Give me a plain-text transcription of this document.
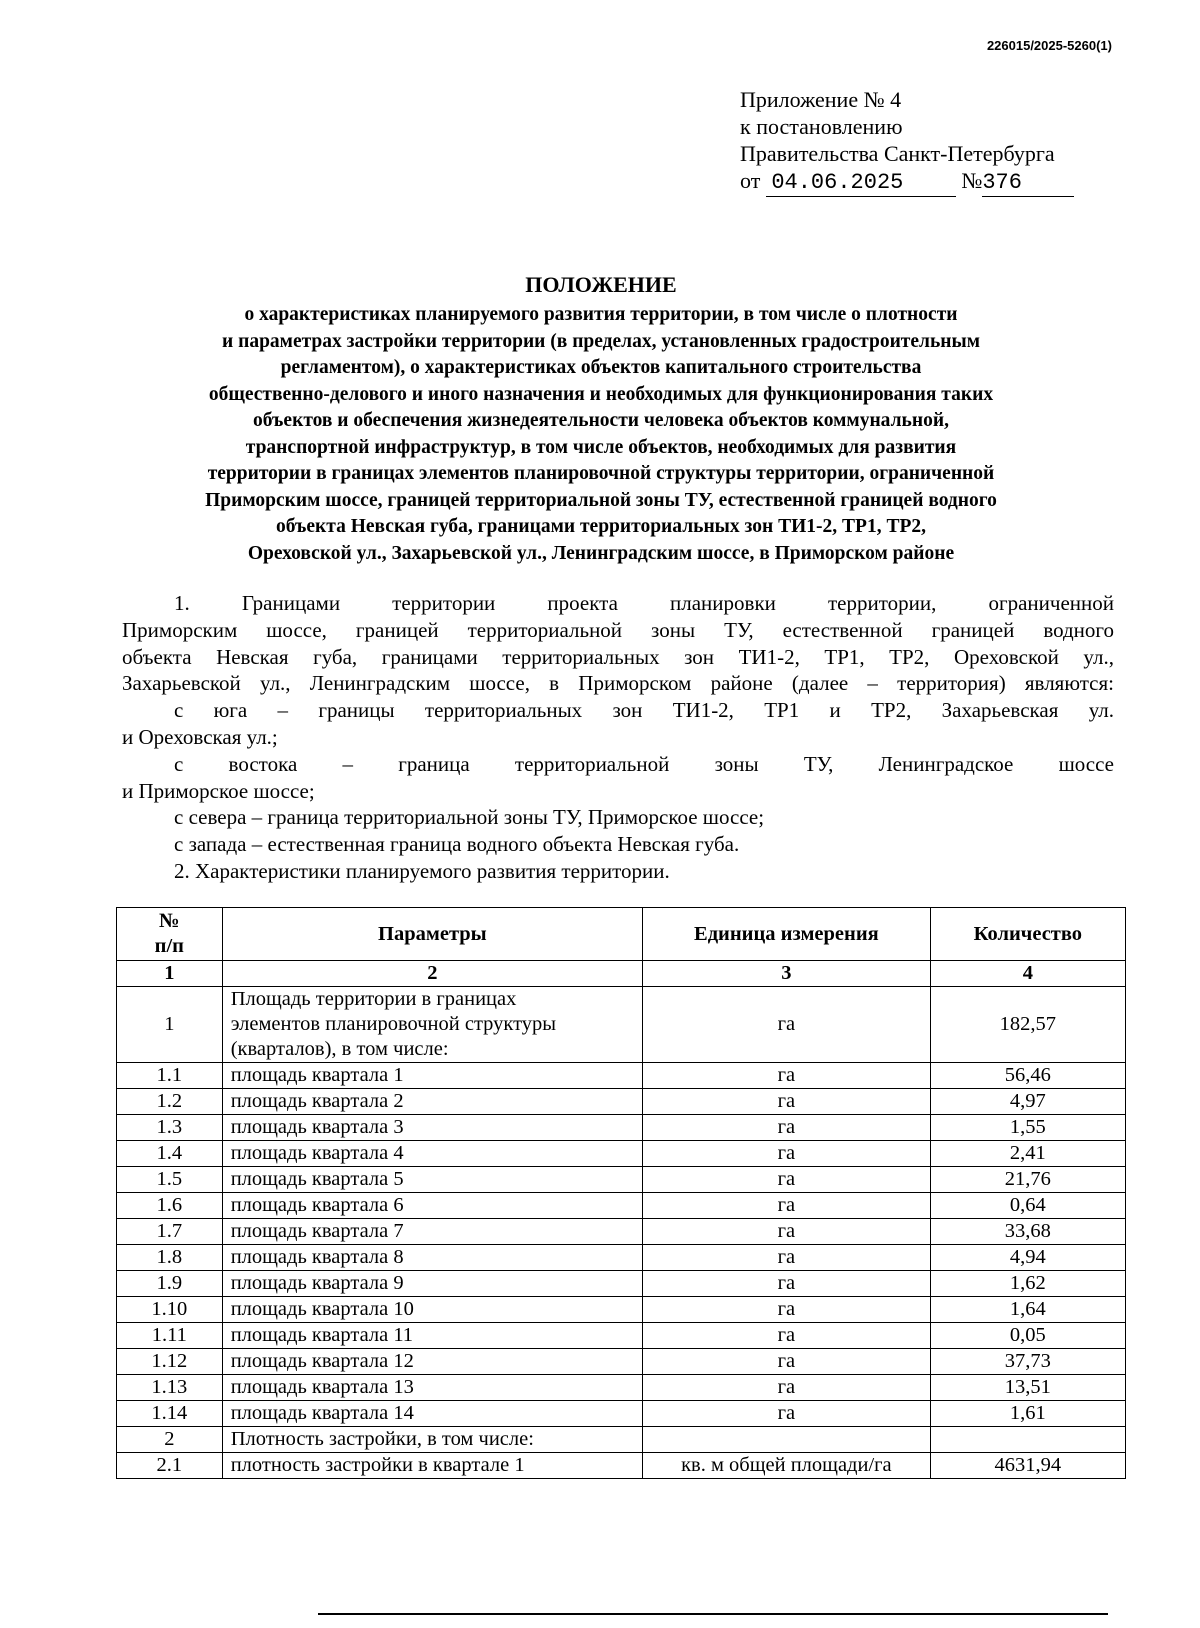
226015/2025-5260(1)
Приложение № 4
к постановлению
Правительства Санкт-Петербурга
от 04.06.2025	№376
ПОЛОЖЕНИЕ
о характеристиках планируемого развития территории, в том числе о плотности
и параметрах застройки территории (в пределах, установленных градостроительным
регламентом), о характеристиках объектов капитального строительства
общественно-делового и иного назначения и необходимых для функционирования таких
объектов и обеспечения жизнедеятельности человека объектов коммунальной,
транспортной инфраструктур, в том числе объектов, необходимых для развития
территории в границах элементов планировочной структуры территории, ограниченной
Приморским шоссе, границей территориальной зоны ТУ, естественной границей водного
объекта Невская губа, границами территориальных зон ТИ1-2, ТР1, ТР2,
Ореховской ул., Захарьевской ул., Ленинградским шоссе, в Приморском районе

1. Границами территории проекта планировки территории, ограниченной

Приморским шоссе, границей территориальной зоны ТУ, естественной границей водного

объекта Невская губа, границами территориальных зон ТИ1-2, ТР1, ТР2, Ореховской ул.,

Захарьевской ул., Ленинградским шоссе, в Приморском районе (далее – территория) являются:

с юга – границы территориальных зон ТИ1-2, ТР1 и ТР2, Захарьевская ул.

и Ореховская ул.;

с востока – граница территориальной зоны ТУ, Ленинградское шоссе

и Приморское шоссе;

с севера – граница территориальной зоны ТУ, Приморское шоссе;

с запада – естественная граница водного объекта Невская губа.

2. Характеристики планируемого развития территории.

№
п/п	Параметры	Единица измерения	Количество
1	2	3	4
1	Площадь территории в границах
элементов планировочной структуры
(кварталов), в том числе:	га	182,57
1.1	площадь квартала 1	га	56,46
1.2	площадь квартала 2	га	4,97
1.3	площадь квартала 3	га	1,55
1.4	площадь квартала 4	га	2,41
1.5	площадь квартала 5	га	21,76
1.6	площадь квартала 6	га	0,64
1.7	площадь квартала 7	га	33,68
1.8	площадь квартала 8	га	4,94
1.9	площадь квартала 9	га	1,62
1.10	площадь квартала 10	га	1,64
1.11	площадь квартала 11	га	0,05
1.12	площадь квартала 12	га	37,73
1.13	площадь квартала 13	га	13,51
1.14	площадь квартала 14	га	1,61
2	Плотность застройки, в том числе:		
2.1	плотность застройки в квартале 1	кв. м общей площади/га	4631,94
